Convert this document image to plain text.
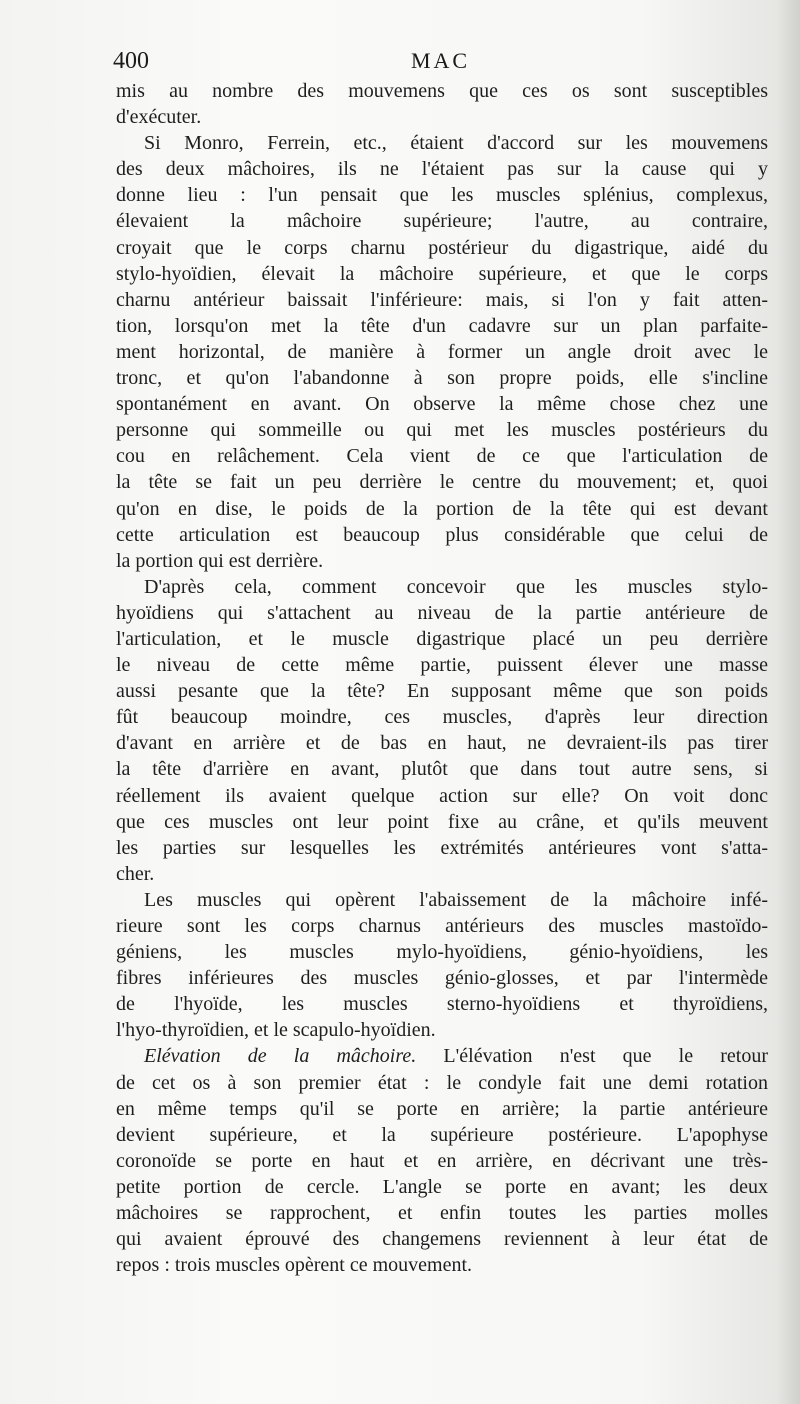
400	MAC
mis au nombre des mouvemens que ces os sont susceptibles
d'exécuter.
Si Monro, Ferrein, etc., étaient d'accord sur les mouvemens
des deux mâchoires, ils ne l'étaient pas sur la cause qui y
donne lieu : l'un pensait que les muscles splénius, complexus,
élevaient la mâchoire supérieure; l'autre, au contraire,
croyait que le corps charnu postérieur du digastrique, aidé du
stylo-hyoïdien, élevait la mâchoire supérieure, et que le corps
charnu antérieur baissait l'inférieure: mais, si l'on y fait atten-
tion, lorsqu'on met la tête d'un cadavre sur un plan parfaite-
ment horizontal, de manière à former un angle droit avec le
tronc, et qu'on l'abandonne à son propre poids, elle s'incline
spontanément en avant. On observe la même chose chez une
personne qui sommeille ou qui met les muscles postérieurs du
cou en relâchement. Cela vient de ce que l'articulation de
la tête se fait un peu derrière le centre du mouvement; et, quoi
qu'on en dise, le poids de la portion de la tête qui est devant
cette articulation est beaucoup plus considérable que celui de
la portion qui est derrière.
D'après cela, comment concevoir que les muscles stylo-
hyoïdiens qui s'attachent au niveau de la partie antérieure de
l'articulation, et le muscle digastrique placé un peu derrière
le niveau de cette même partie, puissent élever une masse
aussi pesante que la tête? En supposant même que son poids
fût beaucoup moindre, ces muscles, d'après leur direction
d'avant en arrière et de bas en haut, ne devraient-ils pas tirer
la tête d'arrière en avant, plutôt que dans tout autre sens, si
réellement ils avaient quelque action sur elle? On voit donc
que ces muscles ont leur point fixe au crâne, et qu'ils meuvent
les parties sur lesquelles les extrémités antérieures vont s'atta-
cher.
Les muscles qui opèrent l'abaissement de la mâchoire infé-
rieure sont les corps charnus antérieurs des muscles mastoïdo-
géniens, les muscles mylo-hyoïdiens, génio-hyoïdiens, les
fibres inférieures des muscles génio-glosses, et par l'intermède
de l'hyoïde, les muscles sterno-hyoïdiens et thyroïdiens,
l'hyo-thyroïdien, et le scapulo-hyoïdien.
Elévation de la mâchoire. L'élévation n'est que le retour
de cet os à son premier état : le condyle fait une demi rotation
en même temps qu'il se porte en arrière; la partie antérieure
devient supérieure, et la supérieure postérieure. L'apophyse
coronoïde se porte en haut et en arrière, en décrivant une très-
petite portion de cercle. L'angle se porte en avant; les deux
mâchoires se rapprochent, et enfin toutes les parties molles
qui avaient éprouvé des changemens reviennent à leur état de
repos : trois muscles opèrent ce mouvement.
